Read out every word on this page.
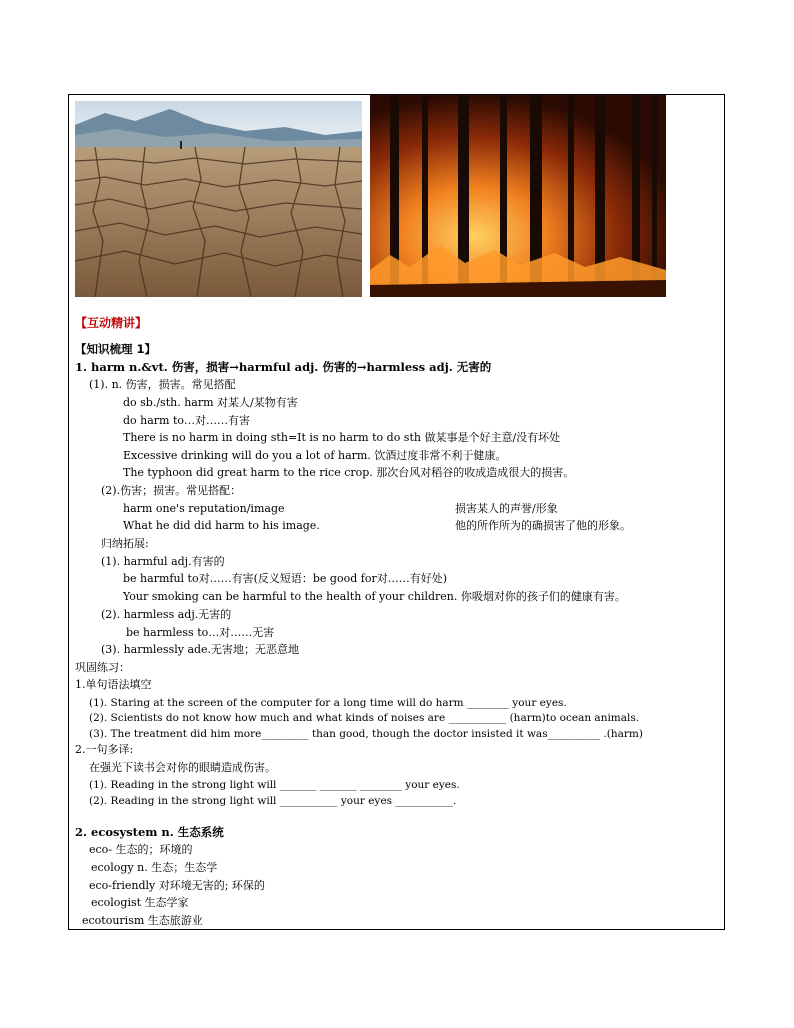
【互动精讲】
【知识梳理 1】
1. harm n.&vt. 伤害，损害→harmful adj. 伤害的→harmless adj. 无害的
(1). n. 伤害，损害。常见搭配
do sb./sth. harm 对某人/某物有害
do harm to…对……有害
There is no harm in doing sth=It is no harm to do sth 做某事是个好主意/没有坏处
Excessive drinking will do you a lot of harm. 饮酒过度非常不利于健康。
The typhoon did great harm to the rice crop. 那次台风对稻谷的收成造成很大的损害。
(2).伤害；损害。常见搭配：
harm one's reputation/image	损害某人的声誉/形象
What he did did harm to his image.	他的所作所为的确损害了他的形象。
归纳拓展:
(1). harmful adj.有害的
be harmful to对……有害(反义短语：be good for对……有好处)
Your smoking can be harmful to the health of your children. 你吸烟对你的孩子们的健康有害。
(2). harmless adj.无害的
be harmless to…对……无害
(3). harmlessly ade.无害地；无恶意地
巩固练习：
1.单句语法填空
(1). Staring at the screen of the computer for a long time will do harm ________ your eyes.
(2). Scientists do not know how much and what kinds of noises are ___________ (harm)to ocean animals.
(3). The treatment did him more_________ than good, though the doctor insisted it was__________ .(harm)
2.一句多译:
在强光下读书会对你的眼睛造成伤害。
(1). Reading in the strong light will _______ _______ ________ your eyes.
(2). Reading in the strong light will ___________ your eyes ___________.
2. ecosystem n. 生态系统
eco- 生态的；环境的
ecology n. 生态；生态学
eco-friendly 对环境无害的; 环保的
ecologist 生态学家
ecotourism 生态旅游业
